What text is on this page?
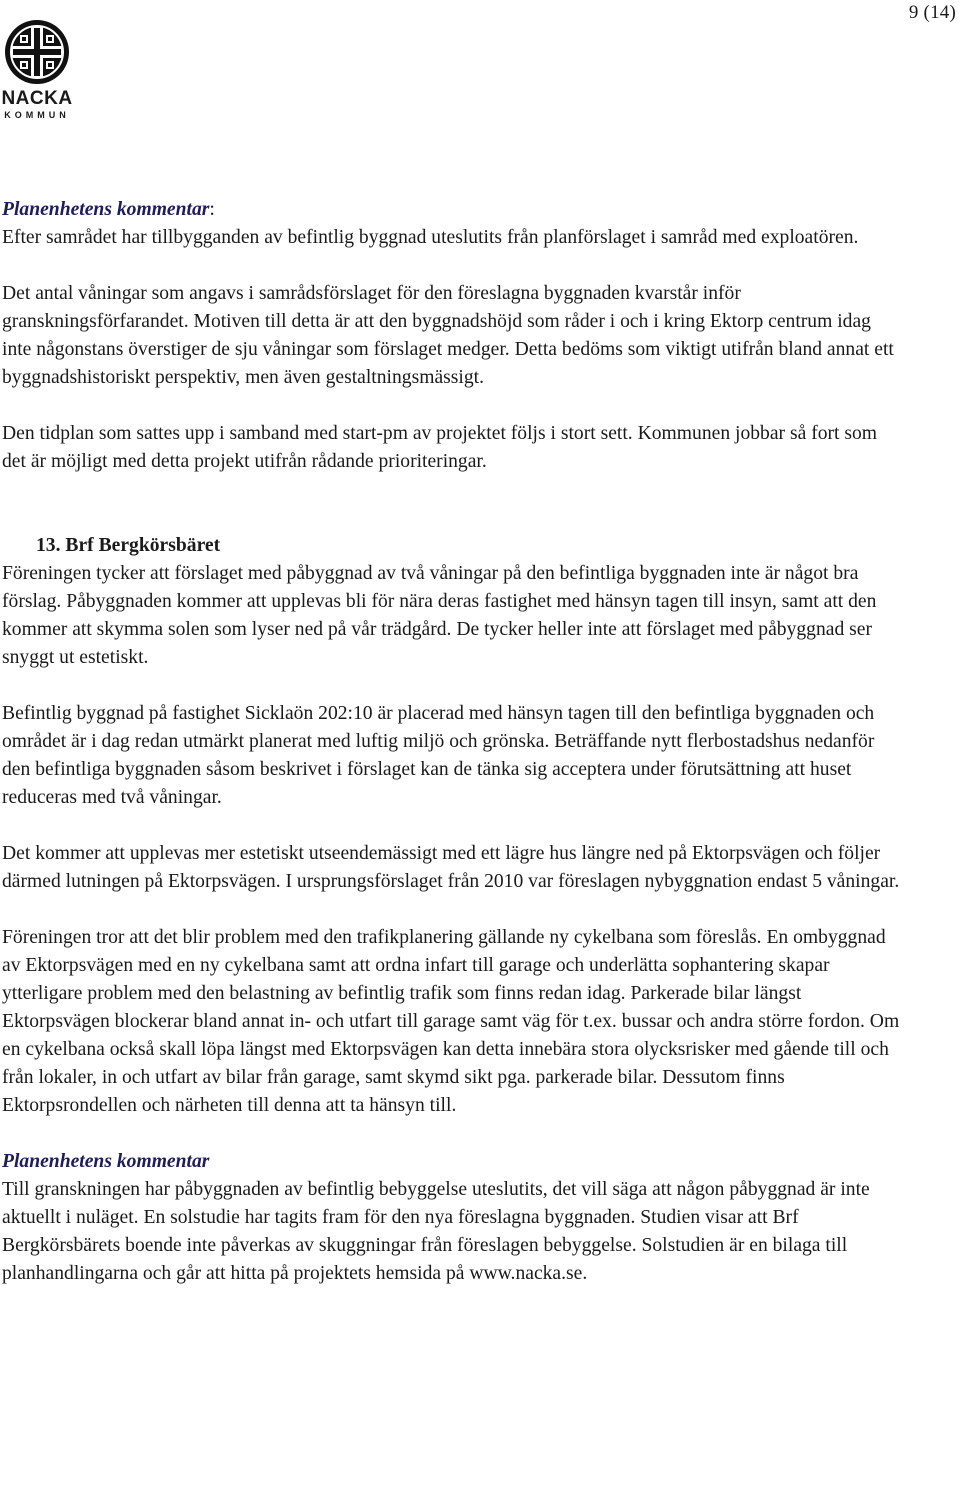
9 (14)
NACKA
KOMMUN

Planenhetens kommentar:
Efter samrådet har tillbygganden av befintlig byggnad uteslutits från planförslaget i samråd med exploatören.

Det antal våningar som angavs i samrådsförslaget för den föreslagna byggnaden kvarstår inför granskningsförfarandet. Motiven till detta är att den byggnadshöjd som råder i och i kring Ektorp centrum idag inte någonstans överstiger de sju våningar som förslaget medger. Detta bedöms som viktigt utifrån bland annat ett byggnadshistoriskt perspektiv, men även gestaltningsmässigt.

Den tidplan som sattes upp i samband med start-pm av projektet följs i stort sett. Kommunen jobbar så fort som det är möjligt med detta projekt utifrån rådande prioriteringar.

13. Brf Bergkörsbäret

Föreningen tycker att förslaget med påbyggnad av två våningar på den befintliga byggnaden inte är något bra förslag. Påbyggnaden kommer att upplevas bli för nära deras fastighet med hänsyn tagen till insyn, samt att den kommer att skymma solen som lyser ned på vår trädgård. De tycker heller inte att förslaget med påbyggnad ser snyggt ut estetiskt.

Befintlig byggnad på fastighet Sicklaön 202:10 är placerad med hänsyn tagen till den befintliga byggnaden och området är i dag redan utmärkt planerat med luftig miljö och grönska. Beträffande nytt flerbostadshus nedanför den befintliga byggnaden såsom beskrivet i förslaget kan de tänka sig acceptera under förutsättning att huset reduceras med två våningar.

Det kommer att upplevas mer estetiskt utseendemässigt med ett lägre hus längre ned på Ektorpsvägen och följer därmed lutningen på Ektorpsvägen. I ursprungsförslaget från 2010 var föreslagen nybyggnation endast 5 våningar.

Föreningen tror att det blir problem med den trafikplanering gällande ny cykelbana som föreslås. En ombyggnad av Ektorpsvägen med en ny cykelbana samt att ordna infart till garage och underlätta sophantering skapar ytterligare problem med den belastning av befintlig trafik som finns redan idag. Parkerade bilar längst Ektorpsvägen blockerar bland annat in- och utfart till garage samt väg för t.ex. bussar och andra större fordon. Om en cykelbana också skall löpa längst med Ektorpsvägen kan detta innebära stora olycksrisker med gående till och från lokaler, in och utfart av bilar från garage, samt skymd sikt pga. parkerade bilar. Dessutom finns Ektorpsrondellen och närheten till denna att ta hänsyn till.

Planenhetens kommentar
Till granskningen har påbyggnaden av befintlig bebyggelse uteslutits, det vill säga att någon påbyggnad är inte aktuellt i nuläget. En solstudie har tagits fram för den nya föreslagna byggnaden. Studien visar att Brf Bergkörsbärets boende inte påverkas av skuggningar från föreslagen bebyggelse. Solstudien är en bilaga till planhandlingarna och går att hitta på projektets hemsida på www.nacka.se.
